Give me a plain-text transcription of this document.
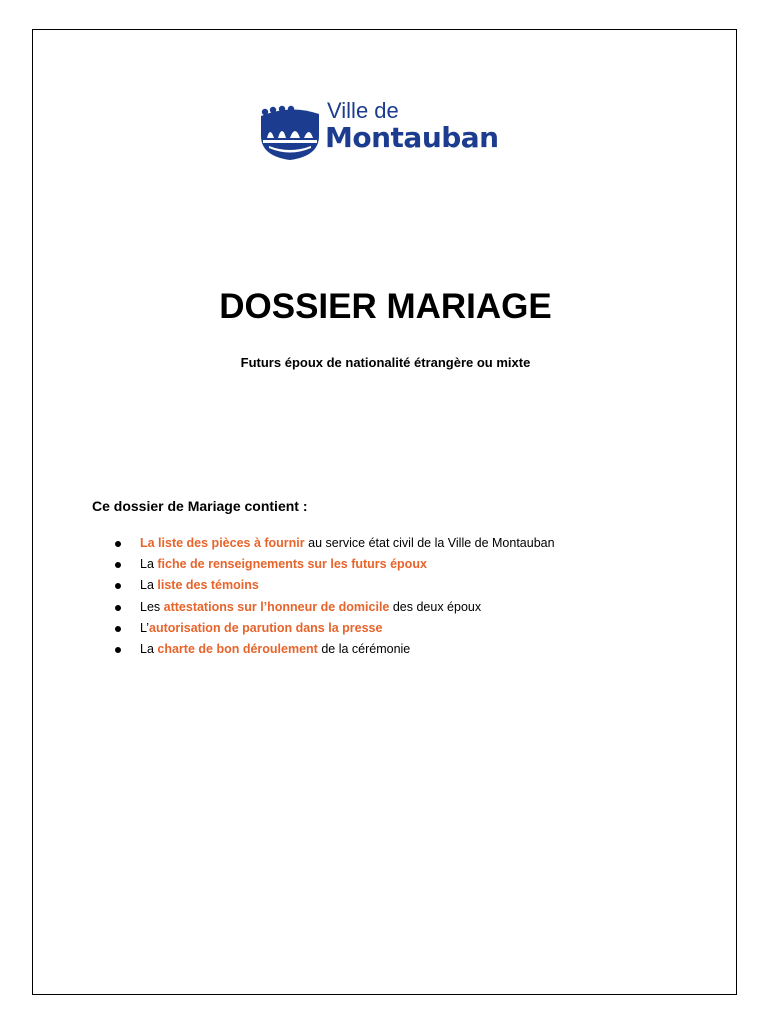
Ville de
Montauban
DOSSIER MARIAGE
Futurs époux de nationalité étrangère ou mixte
Ce dossier de Mariage contient :
La liste des pièces à fournir au service état civil de la Ville de Montauban
La fiche de renseignements sur les futurs époux
La liste des témoins
Les attestations sur l’honneur de domicile des deux époux
L’autorisation de parution dans la presse
La charte de bon déroulement de la cérémonie
